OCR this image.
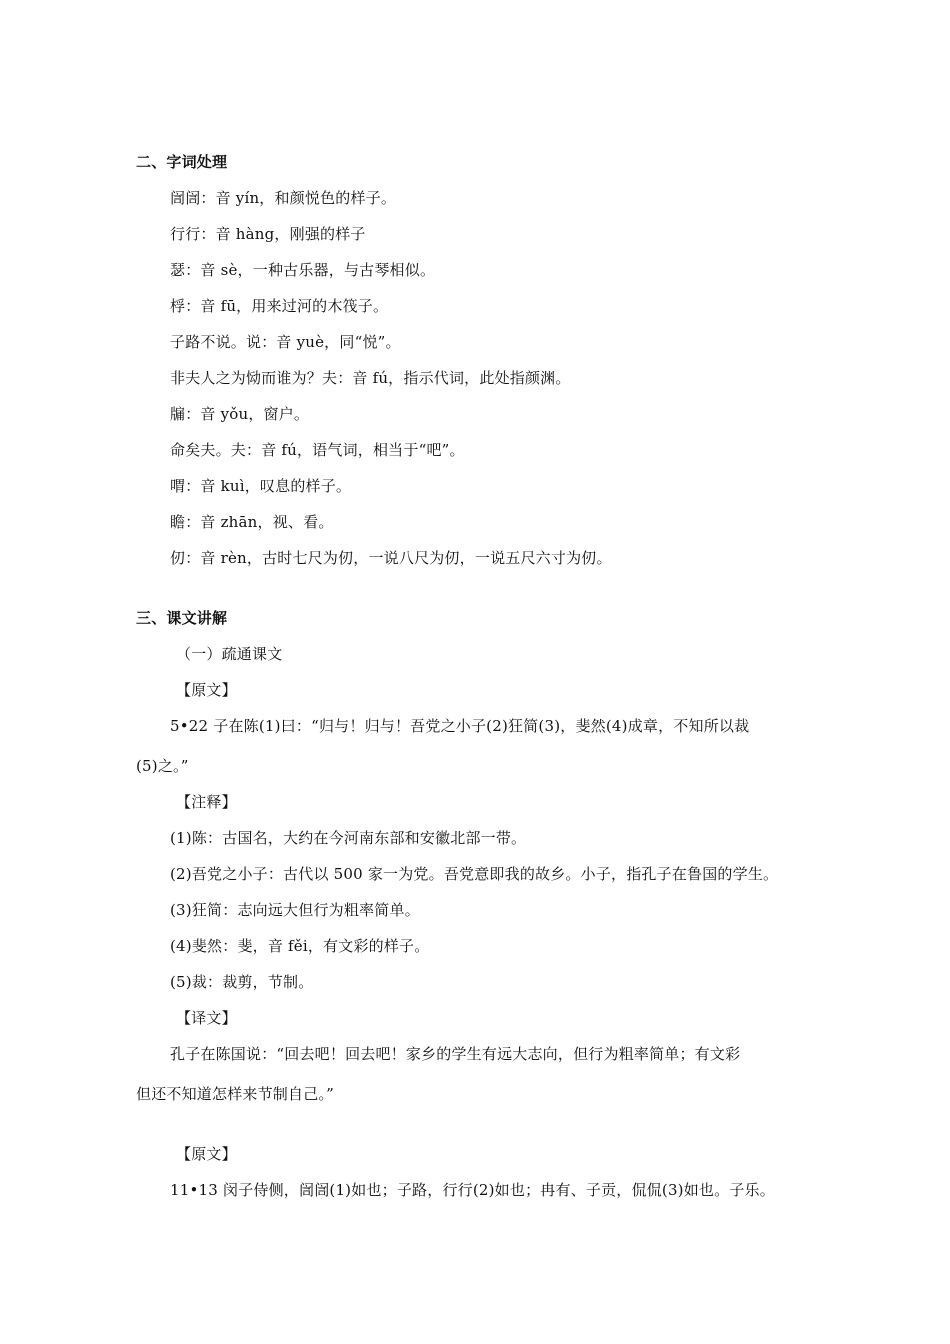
二、字词处理
訚訚：音 yín，和颜悦色的样子。
行行：音 hàng，刚强的样子
瑟：音 sè，一种古乐器，与古琴相似。
桴：音 fū，用来过河的木筏子。
子路不说。说：音 yuè，同“悦”。
非夫人之为恸而谁为？夫：音 fú，指示代词，此处指颜渊。
牖：音 yǒu，窗户。
命矣夫。夫：音 fú，语气词，相当于“吧”。
喟：音 kuì，叹息的样子。
瞻：音 zhān，视、看。
仞：音 rèn，古时七尺为仞，一说八尺为仞，一说五尺六寸为仞。
三、课文讲解
（一）疏通课文
【原文】
5•22 子在陈(1)曰：“归与！归与！吾党之小子(2)狂简(3)，斐然(4)成章，不知所以裁
(5)之。”
【注释】
(1)陈：古国名，大约在今河南东部和安徽北部一带。
(2)吾党之小子：古代以 500 家一为党。吾党意即我的故乡。小子，指孔子在鲁国的学生。
(3)狂简：志向远大但行为粗率简单。
(4)斐然：斐，音 fěi，有文彩的样子。
(5)裁：裁剪，节制。
【译文】
孔子在陈国说：“回去吧！回去吧！家乡的学生有远大志向，但行为粗率简单；有文彩
但还不知道怎样来节制自己。”
【原文】
11•13 闵子侍侧，訚訚(1)如也；子路，行行(2)如也；冉有、子贡，侃侃(3)如也。子乐。
